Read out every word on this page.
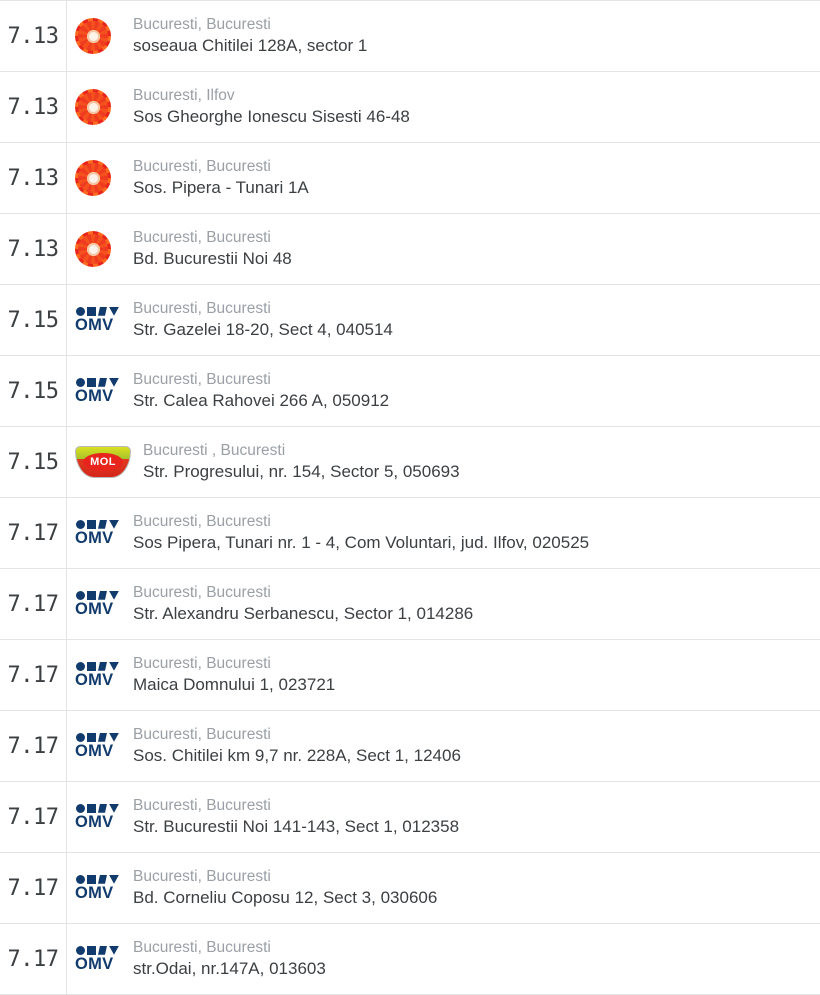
7.13	Bucuresti, Bucuresti
soseaua Chitilei 128A, sector 1
7.13	Bucuresti, Ilfov
Sos Gheorghe Ionescu Sisesti 46-48
7.13	Bucuresti, Bucuresti
Sos. Pipera - Tunari 1A
7.13	Bucuresti, Bucuresti
Bd. Bucurestii Noi 48
7.15	OMV
Bucuresti, Bucuresti
Str. Gazelei 18-20, Sect 4, 040514
7.15	OMV
Bucuresti, Bucuresti
Str. Calea Rahovei 266 A, 050912
7.15	MOL
Bucuresti , Bucuresti
Str. Progresului, nr. 154, Sector 5, 050693
7.17	OMV
Bucuresti, Bucuresti
Sos Pipera, Tunari nr. 1 - 4, Com Voluntari, jud. Ilfov, 020525
7.17	OMV
Bucuresti, Bucuresti
Str. Alexandru Serbanescu, Sector 1, 014286
7.17	OMV
Bucuresti, Bucuresti
Maica Domnului 1, 023721
7.17	OMV
Bucuresti, Bucuresti
Sos. Chitilei km 9,7 nr. 228A, Sect 1, 12406
7.17	OMV
Bucuresti, Bucuresti
Str. Bucurestii Noi 141-143, Sect 1, 012358
7.17	OMV
Bucuresti, Bucuresti
Bd. Corneliu Coposu 12, Sect 3, 030606
7.17	OMV
Bucuresti, Bucuresti
str.Odai, nr.147A, 013603
